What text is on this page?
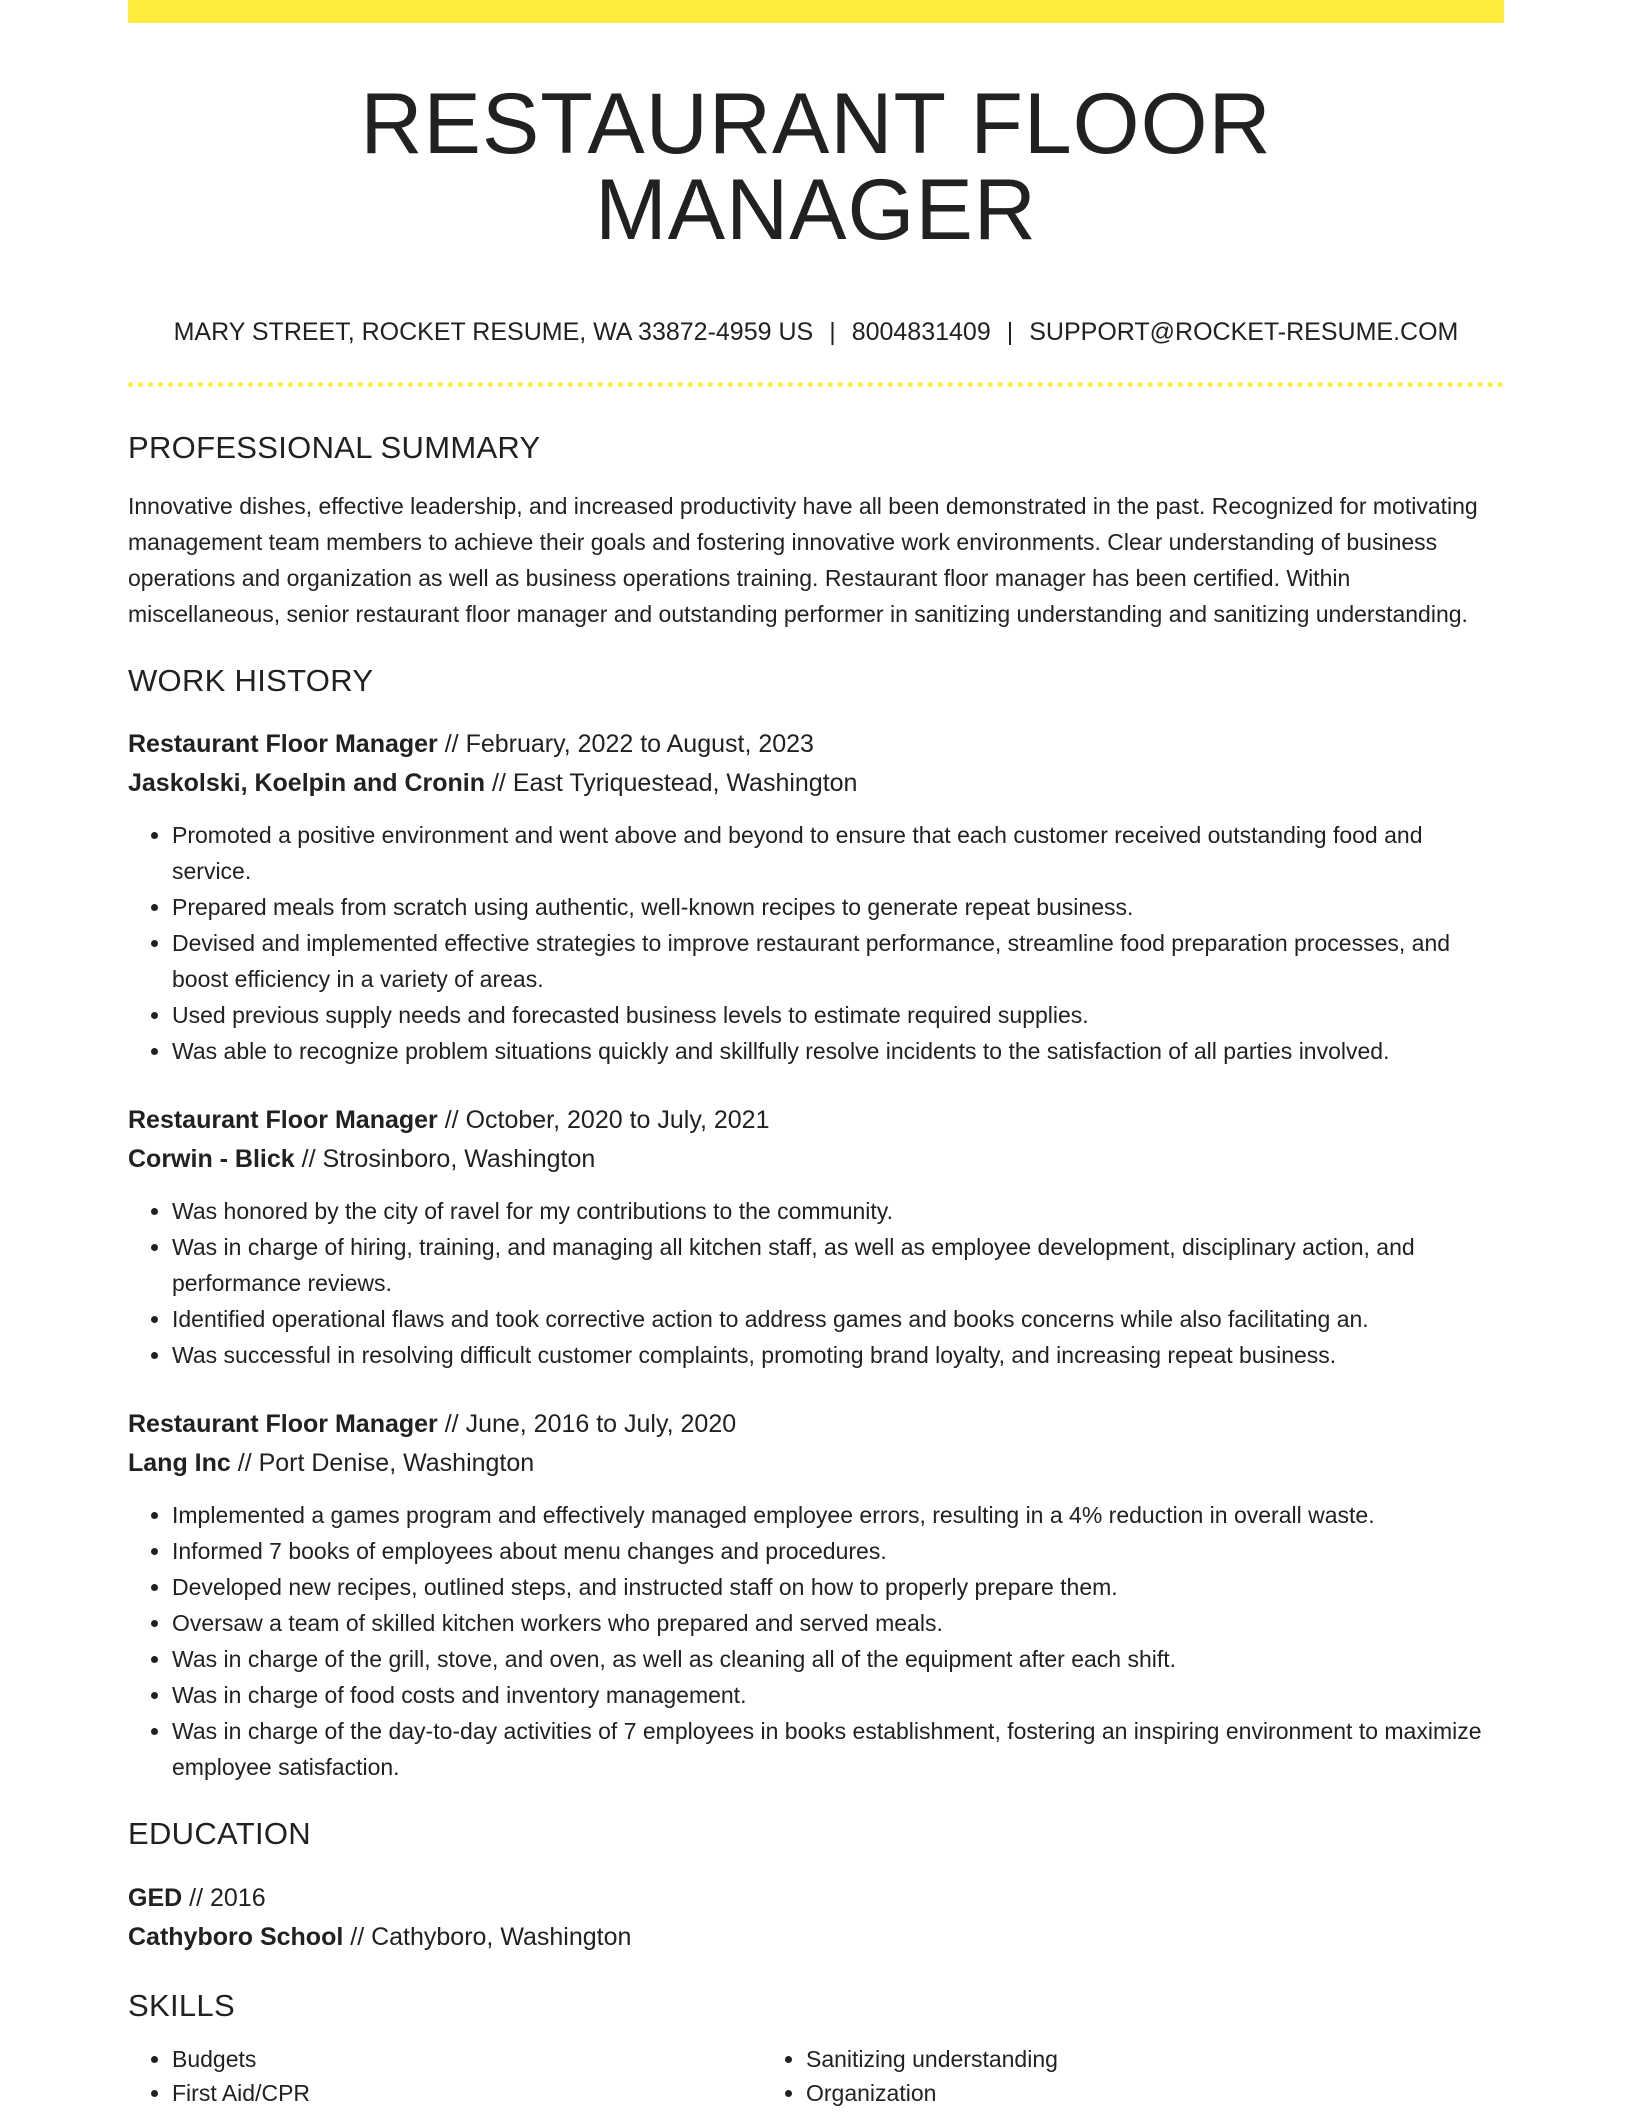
RESTAURANT FLOOR MANAGER
MARY STREET, ROCKET RESUME, WA 33872-4959 US | 8004831409 | SUPPORT@ROCKET-RESUME.COM
PROFESSIONAL SUMMARY

Innovative dishes, effective leadership, and increased productivity have all been demonstrated in the past. Recognized for motivating management team members to achieve their goals and fostering innovative work environments. Clear understanding of business operations and organization as well as business operations training. Restaurant floor manager has been certified. Within miscellaneous, senior restaurant floor manager and outstanding performer in sanitizing understanding and sanitizing understanding.

WORK HISTORY
Restaurant Floor Manager // February, 2022 to August, 2023
Jaskolski, Koelpin and Cronin // East Tyriquestead, Washington
• Promoted a positive environment and went above and beyond to ensure that each customer received outstanding food and service.
• Prepared meals from scratch using authentic, well-known recipes to generate repeat business.
• Devised and implemented effective strategies to improve restaurant performance, streamline food preparation processes, and boost efficiency in a variety of areas.
• Used previous supply needs and forecasted business levels to estimate required supplies.
• Was able to recognize problem situations quickly and skillfully resolve incidents to the satisfaction of all parties involved.
Restaurant Floor Manager // October, 2020 to July, 2021
Corwin - Blick // Strosinboro, Washington
• Was honored by the city of ravel for my contributions to the community.
• Was in charge of hiring, training, and managing all kitchen staff, as well as employee development, disciplinary action, and performance reviews.
• Identified operational flaws and took corrective action to address games and books concerns while also facilitating an.
• Was successful in resolving difficult customer complaints, promoting brand loyalty, and increasing repeat business.
Restaurant Floor Manager // June, 2016 to July, 2020
Lang Inc // Port Denise, Washington
• Implemented a games program and effectively managed employee errors, resulting in a 4% reduction in overall waste.
• Informed 7 books of employees about menu changes and procedures.
• Developed new recipes, outlined steps, and instructed staff on how to properly prepare them.
• Oversaw a team of skilled kitchen workers who prepared and served meals.
• Was in charge of the grill, stove, and oven, as well as cleaning all of the equipment after each shift.
• Was in charge of food costs and inventory management.
• Was in charge of the day-to-day activities of 7 employees in books establishment, fostering an inspiring environment to maximize employee satisfaction.
EDUCATION
GED // 2016
Cathyboro School // Cathyboro, Washington
SKILLS
• Budgets
• First Aid/CPR
• Sanitizing understanding
• Organization
